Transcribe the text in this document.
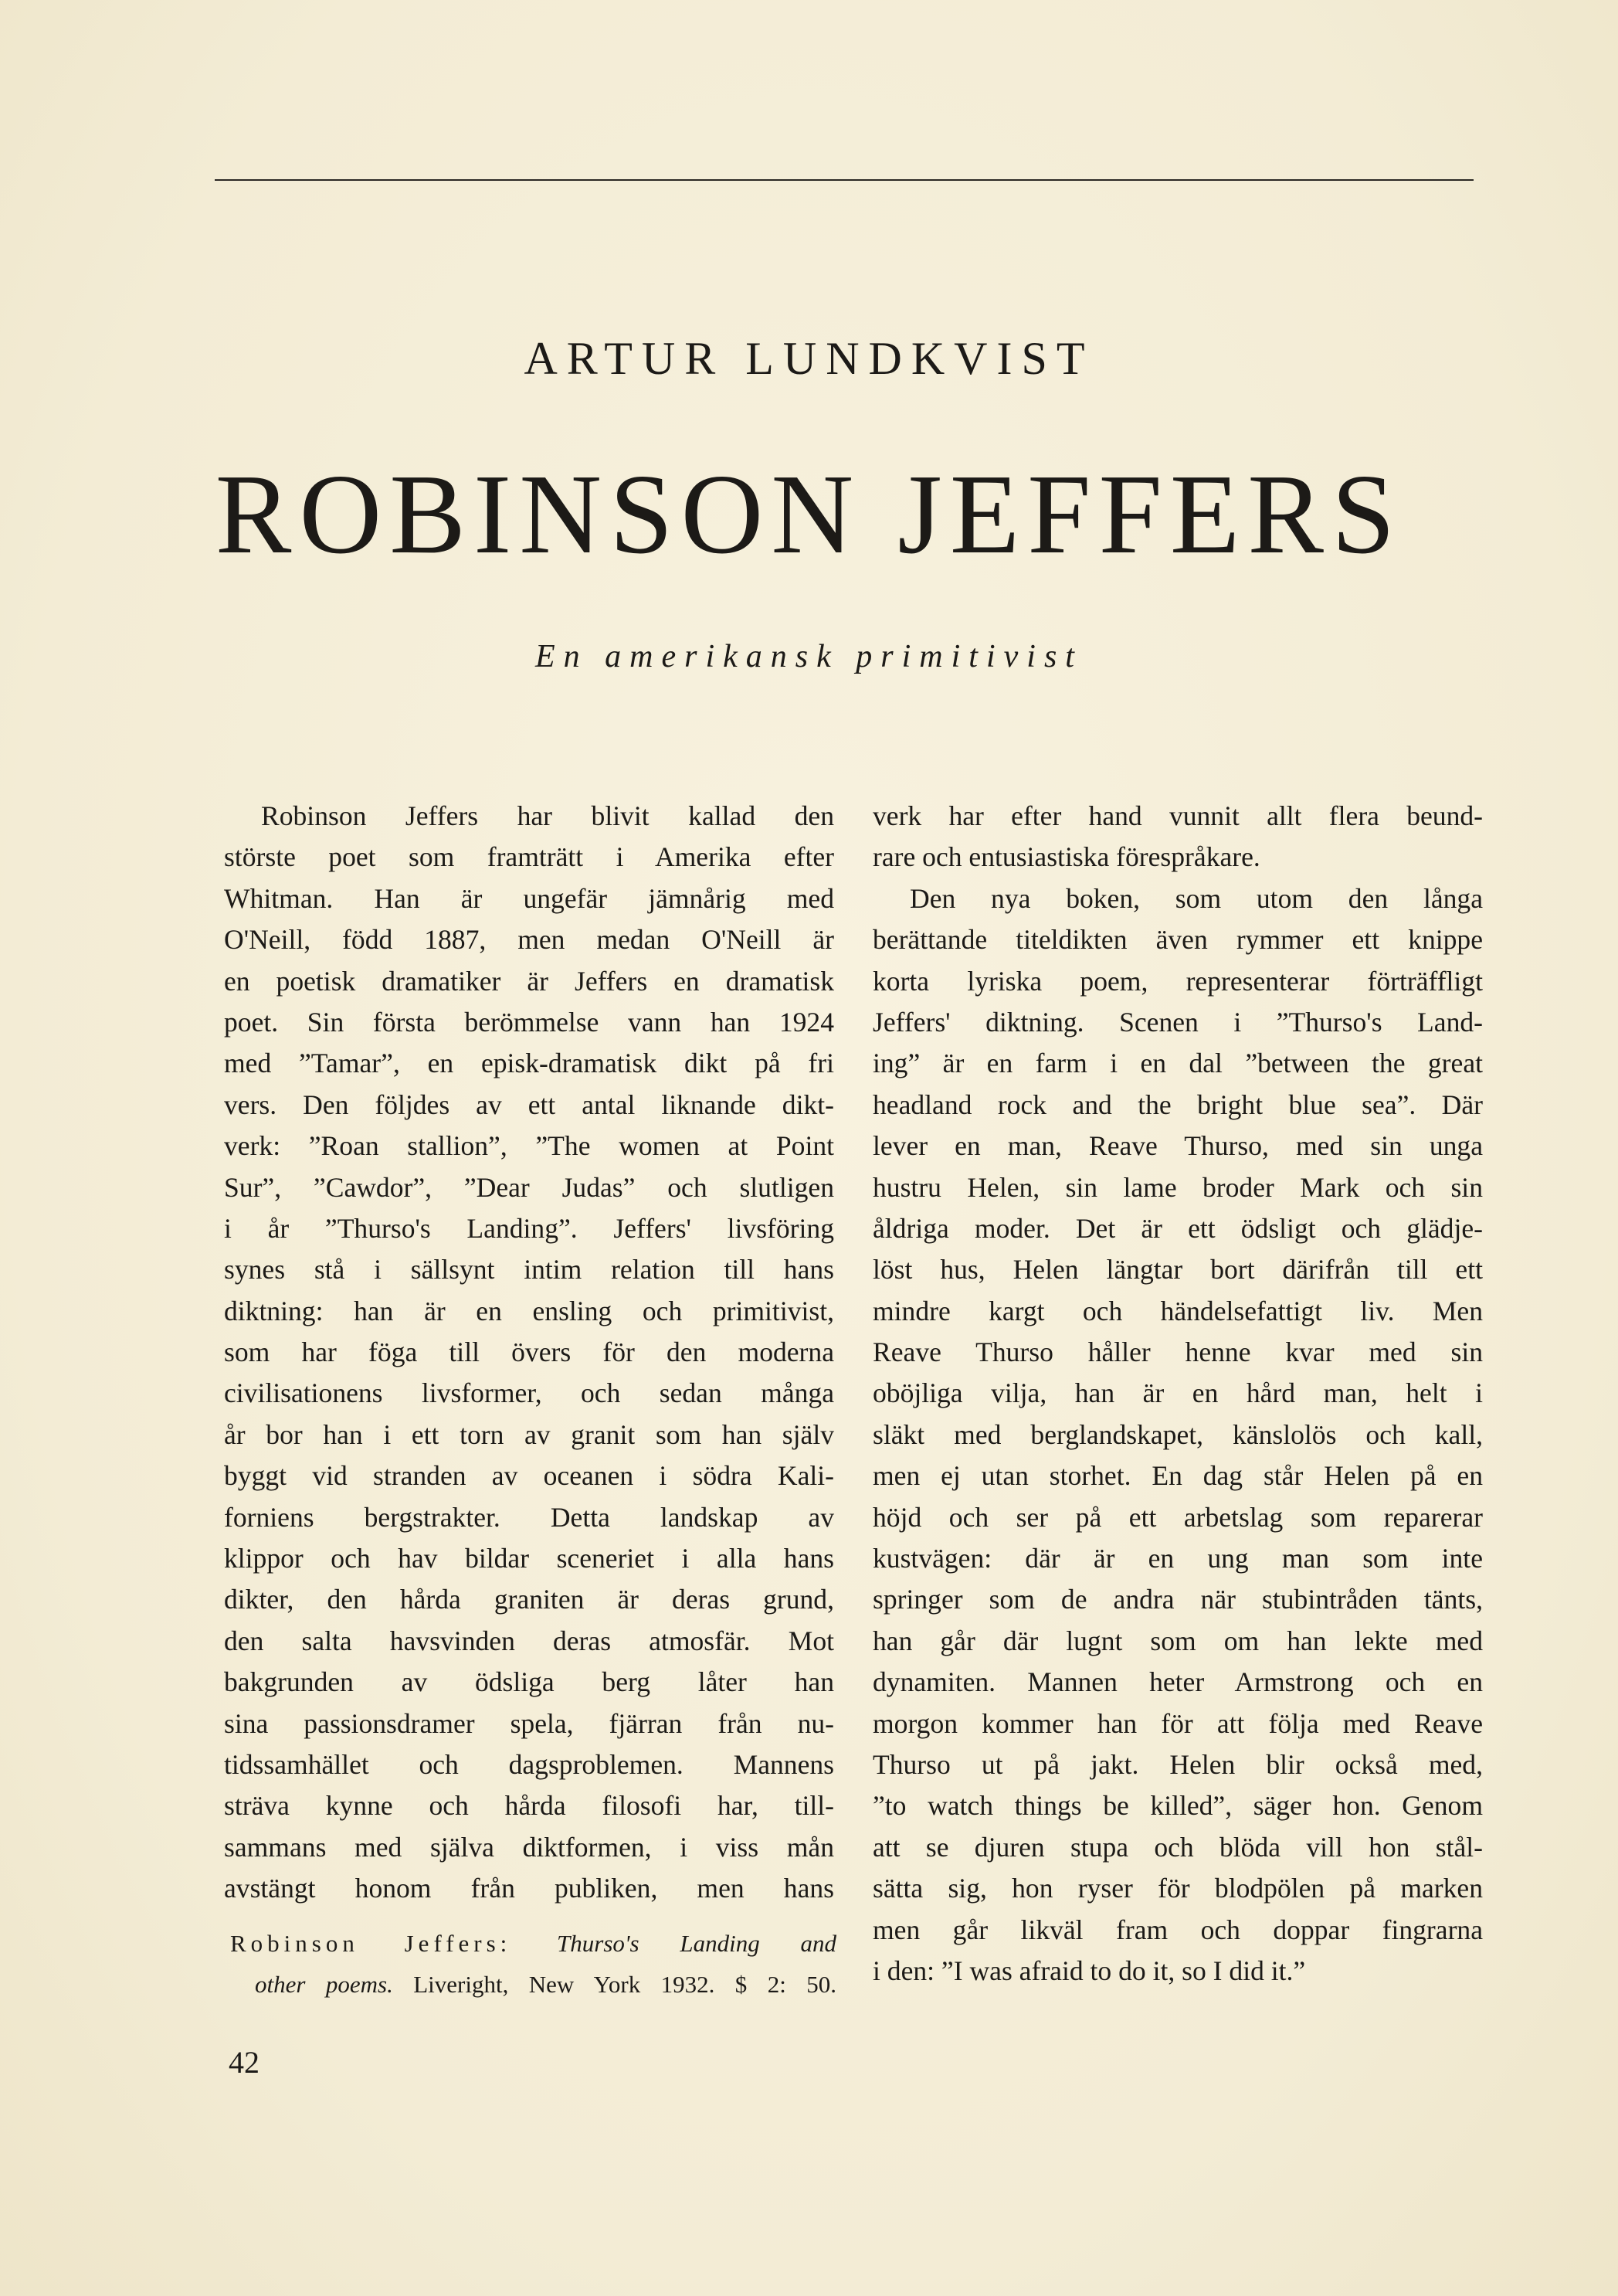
ARTUR LUNDKVIST
ROBINSON JEFFERS
En amerikansk primitivist
Robinson Jeffers har blivit kallad den
störste poet som framträtt i Amerika efter
Whitman. Han är ungefär jämnårig med
O'Neill, född 1887, men medan O'Neill är
en poetisk dramatiker är Jeffers en dramatisk
poet. Sin första berömmelse vann han 1924
med ”Tamar”, en episk-dramatisk dikt på fri
vers. Den följdes av ett antal liknande dikt-
verk: ”Roan stallion”, ”The women at Point
Sur”, ”Cawdor”, ”Dear Judas” och slutligen
i år ”Thurso's Landing”. Jeffers' livsföring
synes stå i sällsynt intim relation till hans
diktning: han är en ensling och primitivist,
som har föga till övers för den moderna
civilisationens livsformer, och sedan många
år bor han i ett torn av granit som han själv
byggt vid stranden av oceanen i södra Kali-
forniens bergstrakter. Detta landskap av
klippor och hav bildar sceneriet i alla hans
dikter, den hårda graniten är deras grund,
den salta havsvinden deras atmosfär. Mot
bakgrunden av ödsliga berg låter han
sina passionsdramer spela, fjärran från nu-
tidssamhället och dagsproblemen. Mannens
sträva kynne och hårda filosofi har, till-
sammans med själva diktformen, i viss mån
avstängt honom från publiken, men hans
verk har efter hand vunnit allt flera beund-
rare och entusiastiska förespråkare.
Den nya boken, som utom den långa
berättande titeldikten även rymmer ett knippe
korta lyriska poem, representerar förträffligt
Jeffers' diktning. Scenen i ”Thurso's Land-
ing” är en farm i en dal ”between the great
headland rock and the bright blue sea”. Där
lever en man, Reave Thurso, med sin unga
hustru Helen, sin lame broder Mark och sin
åldriga moder. Det är ett ödsligt och glädje-
löst hus, Helen längtar bort därifrån till ett
mindre kargt och händelsefattigt liv. Men
Reave Thurso håller henne kvar med sin
oböjliga vilja, han är en hård man, helt i
släkt med berglandskapet, känslolös och kall,
men ej utan storhet. En dag står Helen på en
höjd och ser på ett arbetslag som reparerar
kustvägen: där är en ung man som inte
springer som de andra när stubintråden tänts,
han går där lugnt som om han lekte med
dynamiten. Mannen heter Armstrong och en
morgon kommer han för att följa med Reave
Thurso ut på jakt. Helen blir också med,
”to watch things be killed”, säger hon. Genom
att se djuren stupa och blöda vill hon stål-
sätta sig, hon ryser för blodpölen på marken
men går likväl fram och doppar fingrarna
i den: ”I was afraid to do it, so I did it.”
Robinson Jeffers: Thurso's Landing and
other poems. Liveright, New York 1932. $ 2: 50.
42
